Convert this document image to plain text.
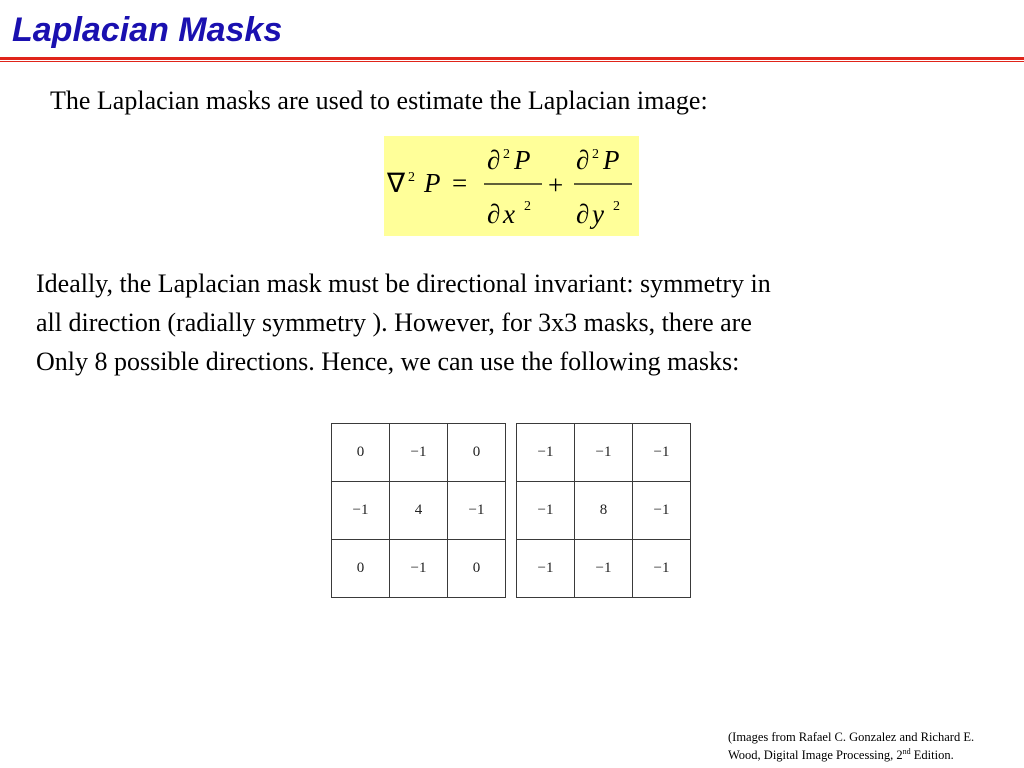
Laplacian Masks
The Laplacian masks are used to estimate the Laplacian image:
∇ 2 P =
∂ 2 P
∂ x 2
+
∂ 2 P
∂ y 2

Ideally, the Laplacian mask must be directional invariant: symmetry in
all direction (radially symmetry ). However, for 3x3 masks, there are
Only 8 possible directions. Hence, we can use the following masks:

0	−1	0
−1	4	−1
0	−1	0
−1	−1	−1
−1	8	−1
−1	−1	−1
(Images from Rafael C. Gonzalez and Richard E.
Wood, Digital Image Processing, 2nd Edition.
